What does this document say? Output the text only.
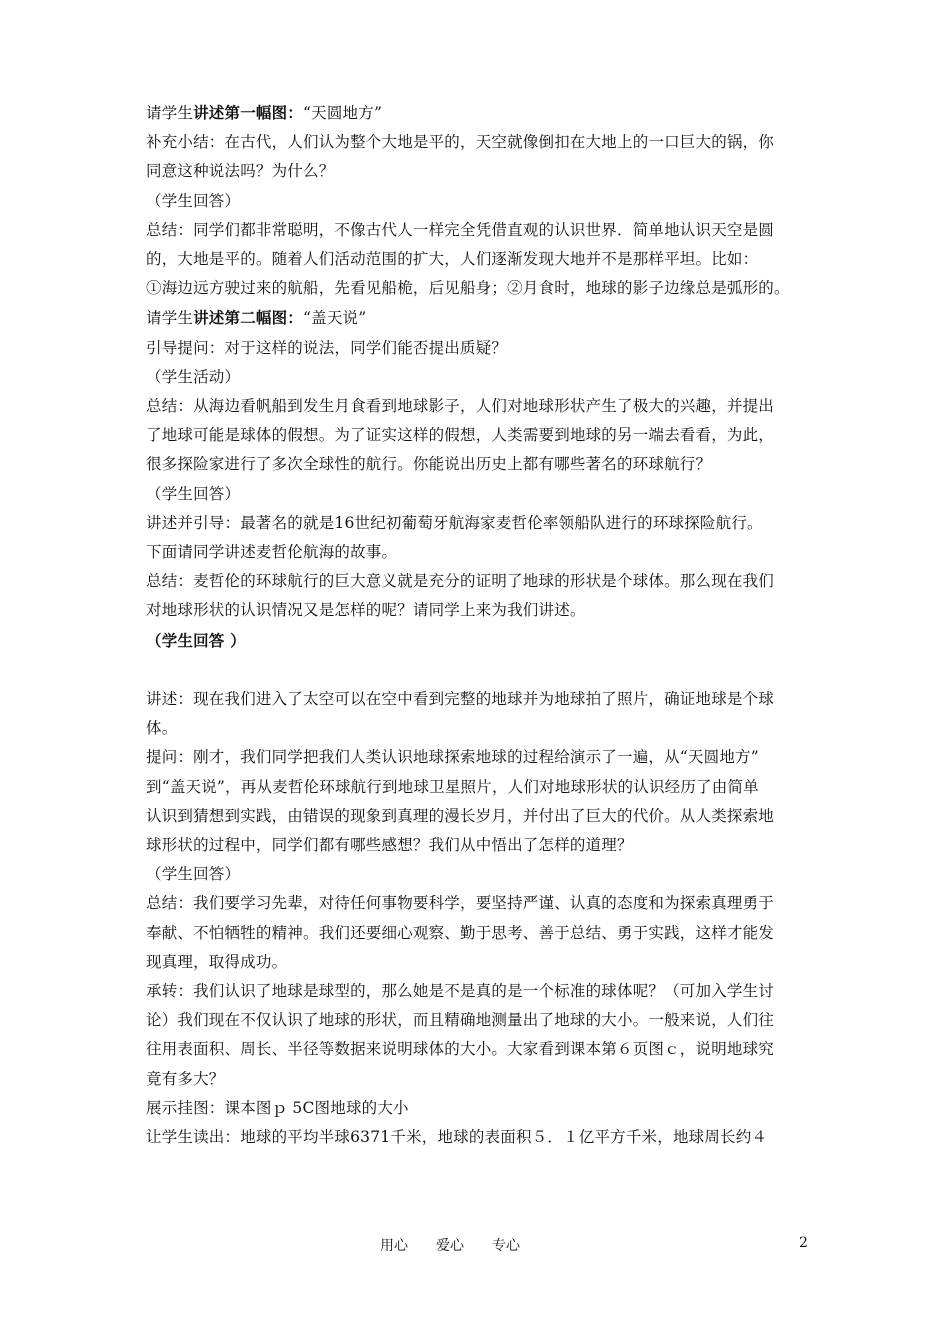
请学生讲述第一幅图：“天圆地方”
补充小结：在古代，人们认为整个大地是平的，天空就像倒扣在大地上的一口巨大的锅，你
同意这种说法吗？为什么？
（学生回答）
总结：同学们都非常聪明，不像古代人一样完全凭借直观的认识世界．简单地认识天空是圆
的，大地是平的。随着人们活动范围的扩大，人们逐渐发现大地并不是那样平坦。比如：
①海边远方驶过来的航船，先看见船桅，后见船身；②月食时，地球的影子边缘总是弧形的。
请学生讲述第二幅图：“盖天说”
引导提问：对于这样的说法，同学们能否提出质疑？
（学生活动）
总结：从海边看帆船到发生月食看到地球影子，人们对地球形状产生了极大的兴趣，并提出
了地球可能是球体的假想。为了证实这样的假想，人类需要到地球的另一端去看看，为此，
很多探险家进行了多次全球性的航行。你能说出历史上都有哪些著名的环球航行？
（学生回答）
讲述并引导：最著名的就是16世纪初葡萄牙航海家麦哲伦率领船队进行的环球探险航行。
下面请同学讲述麦哲伦航海的故事。
总结：麦哲伦的环球航行的巨大意义就是充分的证明了地球的形状是个球体。那么现在我们
对地球形状的认识情况又是怎样的呢？请同学上来为我们讲述。
（学生回答 ）
讲述：现在我们进入了太空可以在空中看到完整的地球并为地球拍了照片，确证地球是个球
体。
提问：刚才，我们同学把我们人类认识地球探索地球的过程给演示了一遍，从“天圆地方”
到“盖天说”，再从麦哲伦环球航行到地球卫星照片，人们对地球形状的认识经历了由简单
认识到猜想到实践，由错误的现象到真理的漫长岁月，并付出了巨大的代价。从人类探索地
球形状的过程中，同学们都有哪些感想？我们从中悟出了怎样的道理？
（学生回答）
总结：我们要学习先辈，对待任何事物要科学，要坚持严谨、认真的态度和为探索真理勇于
奉献、不怕牺牲的精神。我们还要细心观察、勤于思考、善于总结、勇于实践，这样才能发
现真理，取得成功。
承转：我们认识了地球是球型的，那么她是不是真的是一个标准的球体呢？（可加入学生讨
论）我们现在不仅认识了地球的形状，而且精确地测量出了地球的大小。一般来说，人们往
往用表面积、周长、半径等数据来说明球体的大小。大家看到课本第６页图ｃ，说明地球究
竟有多大？
展示挂图：课本图ｐ 5C图地球的大小
让学生读出：地球的平均半球6371千米，地球的表面积５．１亿平方千米，地球周长约４
用心　　爱心　　专心	2
